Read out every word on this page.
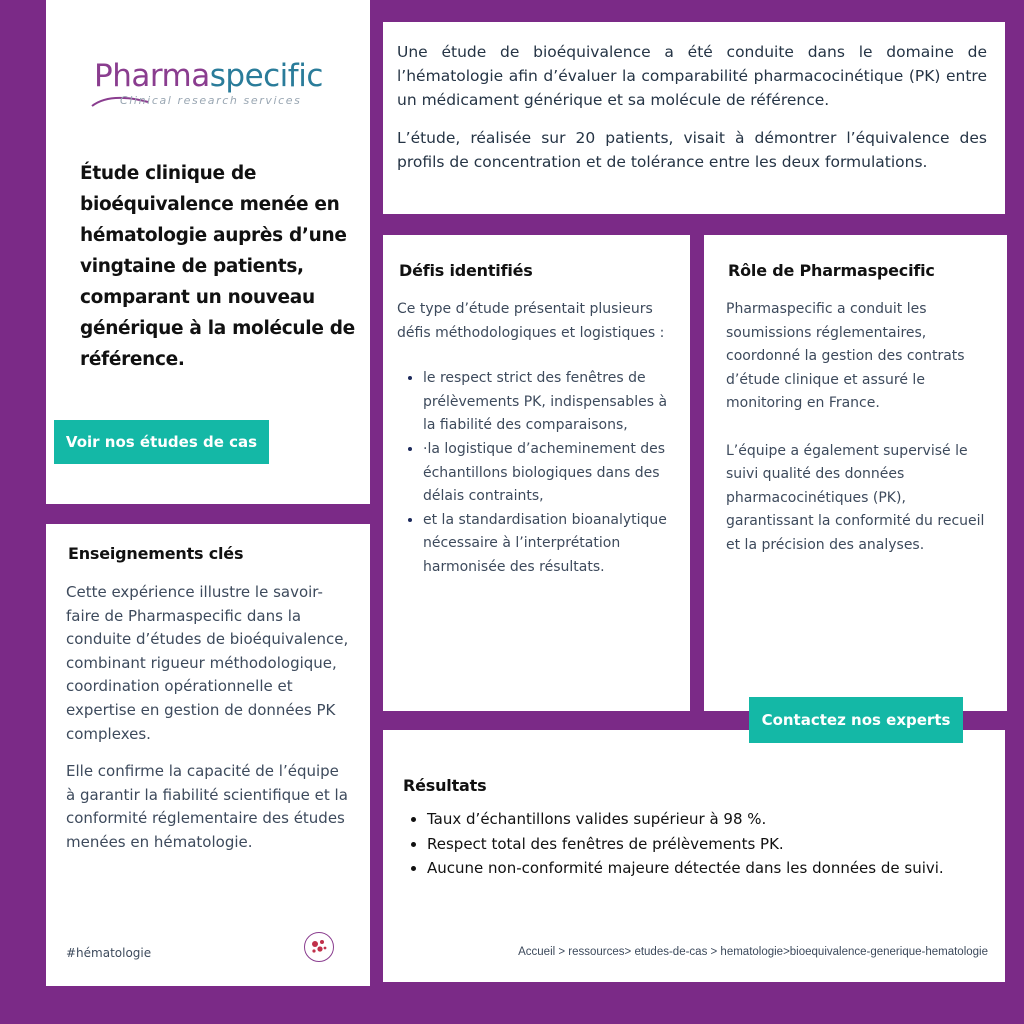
Pharmaspecific
Clinical research services
Étude clinique de bioéquivalence menée en hématologie auprès d’une vingtaine de patients, comparant un nouveau générique à la molécule de référence.
Voir nos études de cas

Une étude de bioéquivalence a été conduite dans le domaine de l’hématologie afin d’évaluer la comparabilité pharmacocinétique (PK) entre un médicament générique et sa molécule de référence.

L’étude, réalisée sur 20 patients, visait à démontrer l’équivalence des profils de concentration et de tolérance entre les deux formulations.

Défis identifiés

Ce type d’étude présentait plusieurs défis méthodologiques et logistiques :

• le respect strict des fenêtres de prélèvements PK, indispensables à la fiabilité des comparaisons,
• ·la logistique d’acheminement des échantillons biologiques dans des délais contraints,
• et la standardisation bioanalytique nécessaire à l’interprétation harmonisée des résultats.
Rôle de Pharmaspecific

Pharmaspecific a conduit les soumissions réglementaires, coordonné la gestion des contrats d’étude clinique et assuré le monitoring en France.

L’équipe a également supervisé le suivi qualité des données pharmacocinétiques (PK), garantissant la conformité du recueil et la précision des analyses.

Contactez nos experts
Enseignements clés

Cette expérience illustre le savoir-faire de Pharmaspecific dans la conduite d’études de bioéquivalence, combinant rigueur méthodologique, coordination opérationnelle et expertise en gestion de données PK complexes.

Elle confirme la capacité de l’équipe à garantir la fiabilité scientifique et la conformité réglementaire des études menées en hématologie.

#hématologie
Résultats
• Taux d’échantillons valides supérieur à 98 %.
• Respect total des fenêtres de prélèvements PK.
• Aucune non-conformité majeure détectée dans les données de suivi.
Accueil > ressources> etudes-de-cas > hematologie>bioequivalence-generique-hematologie
